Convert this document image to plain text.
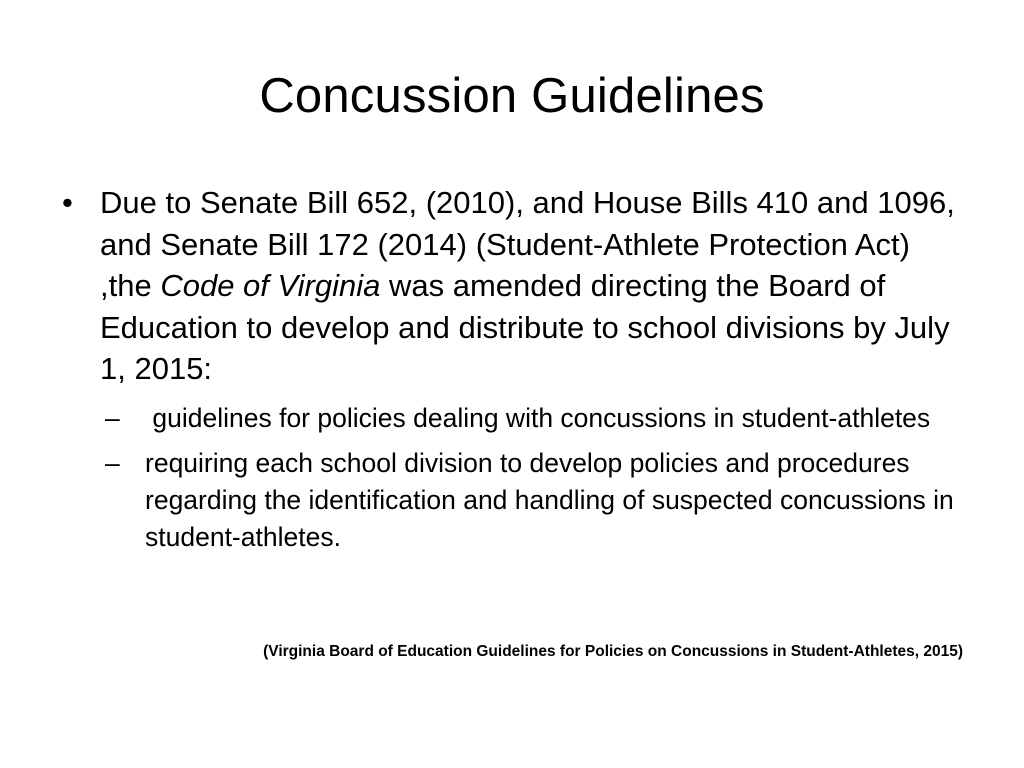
Concussion Guidelines
• Due to Senate Bill 652, (2010), and House Bills 410 and 1096, and Senate Bill 172 (2014) (Student-Athlete Protection Act) ,the Code of Virginia was amended directing the Board of Education to develop and distribute to school divisions by July 1, 2015:
– guidelines for policies dealing with concussions in student-athletes
– requiring each school division to develop policies and procedures regarding the identification and handling of suspected concussions in student-athletes.
(Virginia Board of Education Guidelines for Policies on Concussions in Student-Athletes, 2015)
